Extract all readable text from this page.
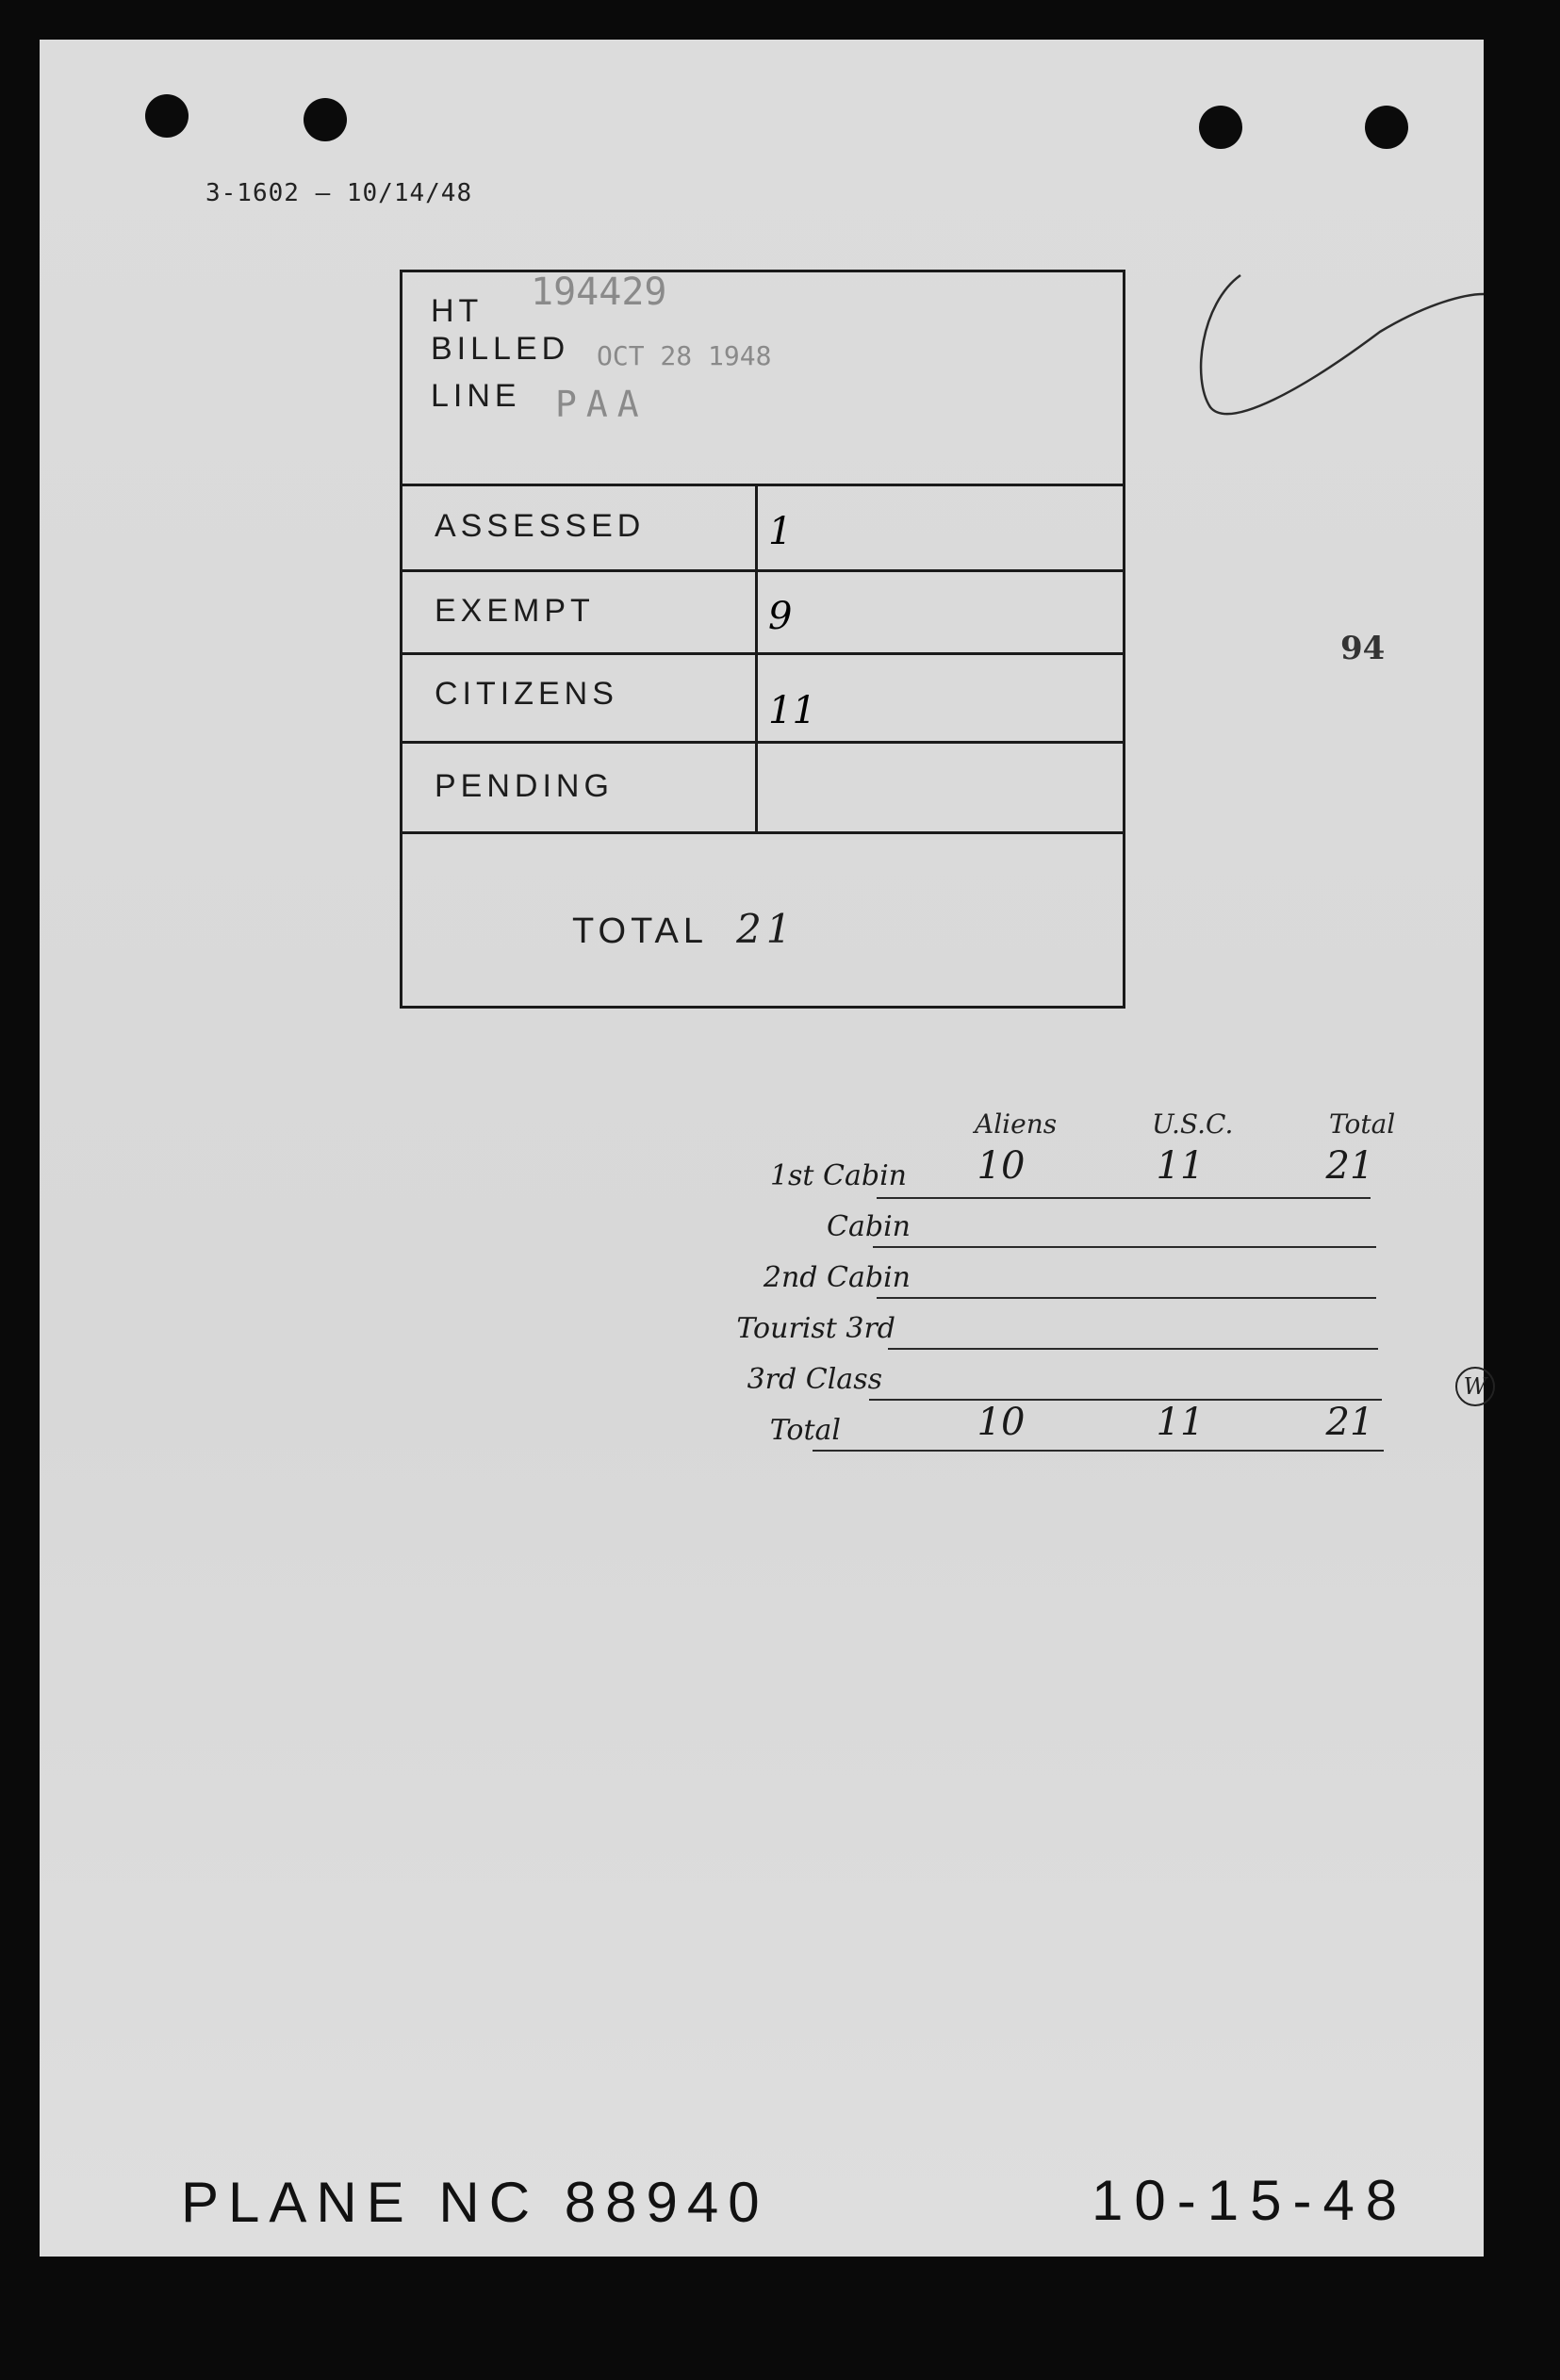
3-1602 — 10/14/48
94
HT 194429
BILLED OCT 28 1948
LINE PAA
ASSESSED	1
EXEMPT	9
CITIZENS	11
PENDING
TOTAL 21
Aliens	U.S.C.	Total
1st Cabin	10	11	21
Cabin
2nd Cabin
Tourist 3rd
3rd Class
Total	10	11	21
W
PLANE NC 88940	10-15-48
